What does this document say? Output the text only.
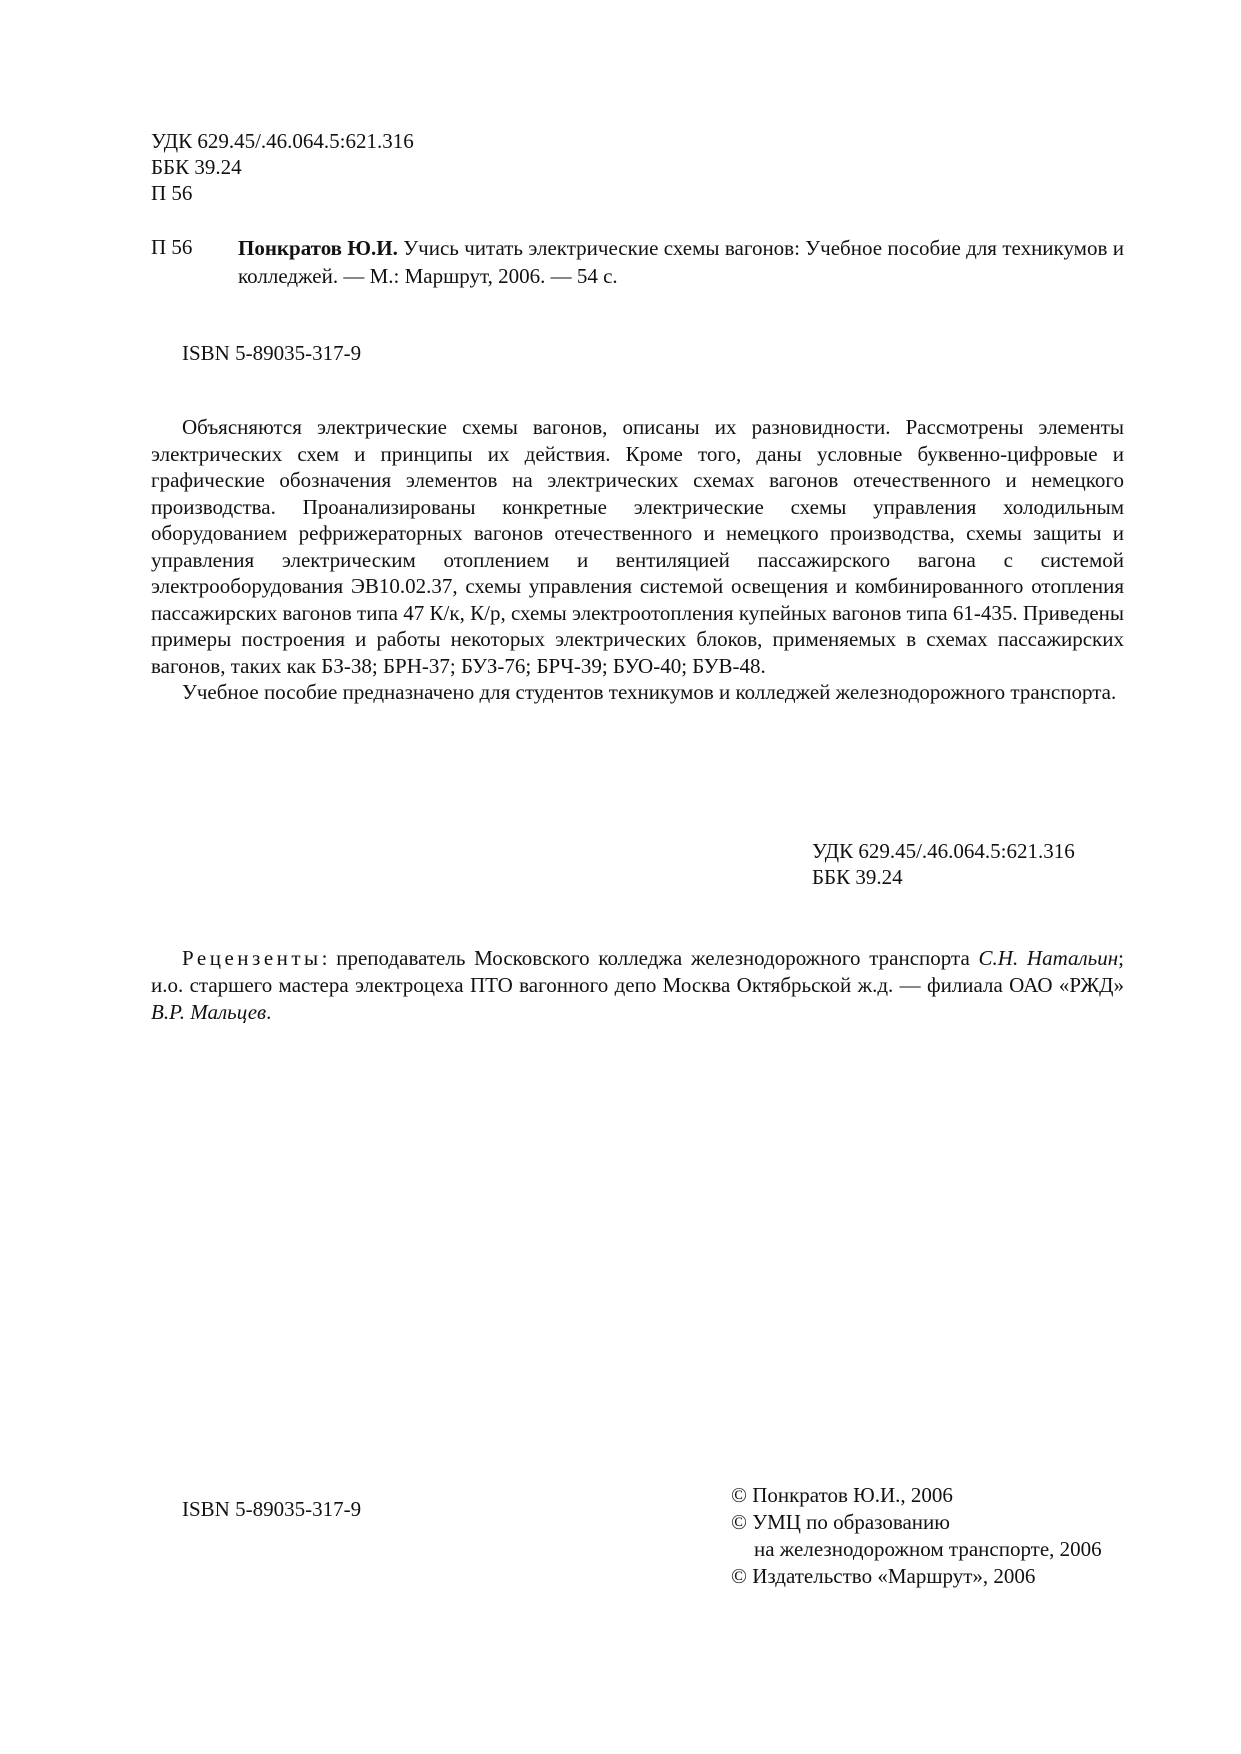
УДК 629.45/.46.064.5:621.316
ББК 39.24
П 56
П 56 Понкратов Ю.И. Учись читать электрические схемы вагонов: Учебное пособие для техникумов и колледжей. — М.: Маршрут, 2006. — 54 с.
ISBN 5-89035-317-9

Объясняются электрические схемы вагонов, описаны их разновидности. Рассмотрены элементы электрических схем и принципы их действия. Кроме того, даны условные буквенно-цифровые и графические обозначения элементов на электрических схемах вагонов отечественного и немецкого производства. Проанализированы конкретные электрические схемы управления холодильным оборудованием рефрижераторных вагонов отечественного и немецкого производства, схемы защиты и управления электрическим отоплением и вентиляцией пассажирского вагона с системой электрооборудования ЭВ10.02.37, схемы управления системой освещения и комбинированного отопления пассажирских вагонов типа 47 К/к, К/р, схемы электроотопления купейных вагонов типа 61-435. Приведены примеры построения и работы некоторых электрических блоков, применяемых в схемах пассажирских вагонов, таких как БЗ-38; БРН-37; БУЗ-76; БРЧ-39; БУО-40; БУВ-48.

Учебное пособие предназначено для студентов техникумов и колледжей железнодорожного транспорта.

УДК 629.45/.46.064.5:621.316
ББК 39.24
Рецензенты: преподаватель Московского колледжа железнодорожного транспорта С.Н. Натальин; и.о. старшего мастера электроцеха ПТО вагонного депо Москва Октябрьской ж.д. — филиала ОАО «РЖД» В.Р. Мальцев.
ISBN 5-89035-317-9
© Понкратов Ю.И., 2006
© УМЦ по образованию
на железнодорожном транспорте, 2006
© Издательство «Маршрут», 2006
